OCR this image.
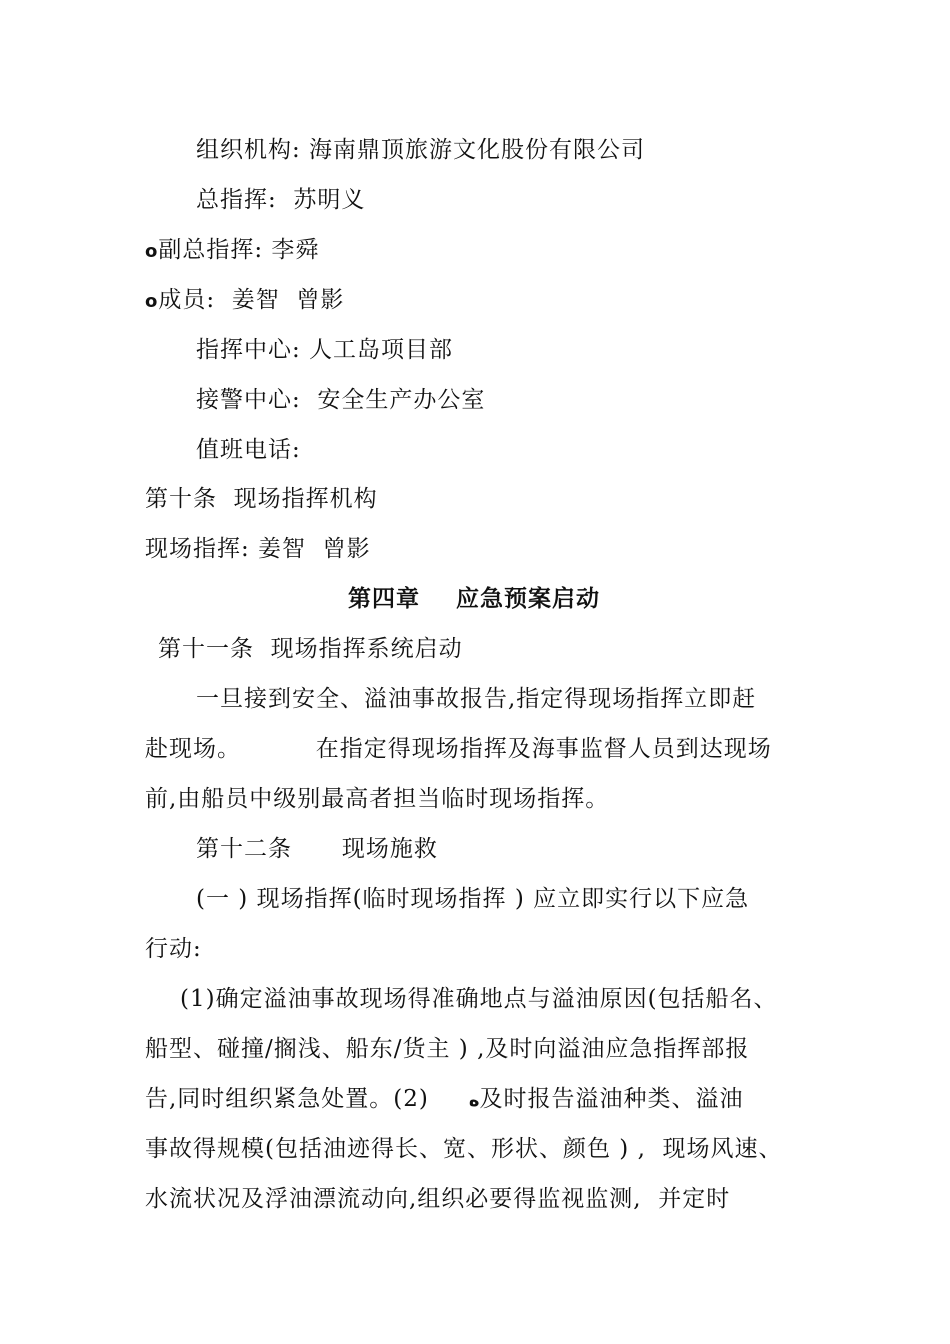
组织机构: 海南鼎顶旅游文化股份有限公司
总指挥:  苏明义
ο副总指挥: 李舜
ο成员:  姜智  曾影
指挥中心: 人工岛项目部
接警中心:  安全生产办公室
值班电话:
第十条  现场指挥机构
现场指挥: 姜智  曾影
第四章    应急预案启动
第十一条  现场指挥系统启动
一旦接到安全、溢油事故报告,指定得现场指挥立即赶
赴现场。         在指定得现场指挥及海事监督人员到达现场
前,由船员中级别最高者担当临时现场指挥。
第十二条      现场施救
(一 ) 现场指挥(临时现场指挥 ) 应立即实行以下应急
行动:
(1)确定溢油事故现场得准确地点与溢油原因(包括船名、
船型、碰撞/搁浅、船东/货主 ) ,及时向溢油应急指挥部报
告,同时组织紧急处置。(2) ه及时报告溢油种类、溢油
事故得规模(包括油迹得长、宽、形状、颜色 ) ,  现场风速、
水流状况及浮油漂流动向,组织必要得监视监测,  并定时
